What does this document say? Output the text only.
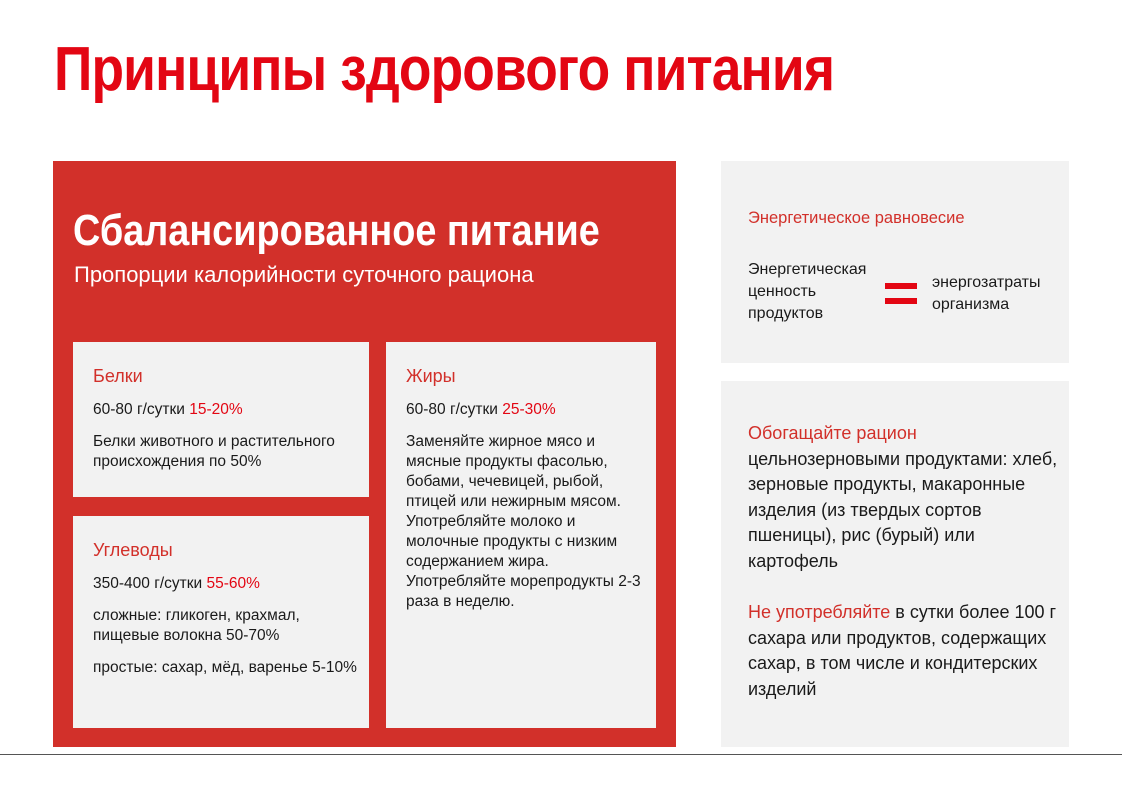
Принципы здорового питания
Сбалансированное питание
Пропорции калорийности суточного рациона
Белки

60-80 г/сутки 15-20%

Белки животного и растительного происхождения по 50%

Углеводы

350-400 г/сутки 55-60%

сложные: гликоген, крахмал, пищевые волокна 50-70%

простые: сахар, мёд, варенье 5-10%

Жиры

60-80 г/сутки 25-30%

Заменяйте жирное мясо и мясные продукты фасолью, бобами, чечевицей, рыбой, птицей или нежирным мясом. Употребляйте молоко и молочные продукты с низким содержанием жира. Употребляйте морепродукты 2-3 раза в неделю.

Энергетическое равновесие
Энергетическая ценность продуктов
энергозатраты организма

Обогащайте рацион

цельнозерновыми продуктами: хлеб, зерновые продукты, макаронные изделия (из твердых сортов пшеницы), рис (бурый) или картофель

Не употребляйте в сутки более 100 г сахара или продуктов, содержащих сахар, в том числе и кондитерских изделий
